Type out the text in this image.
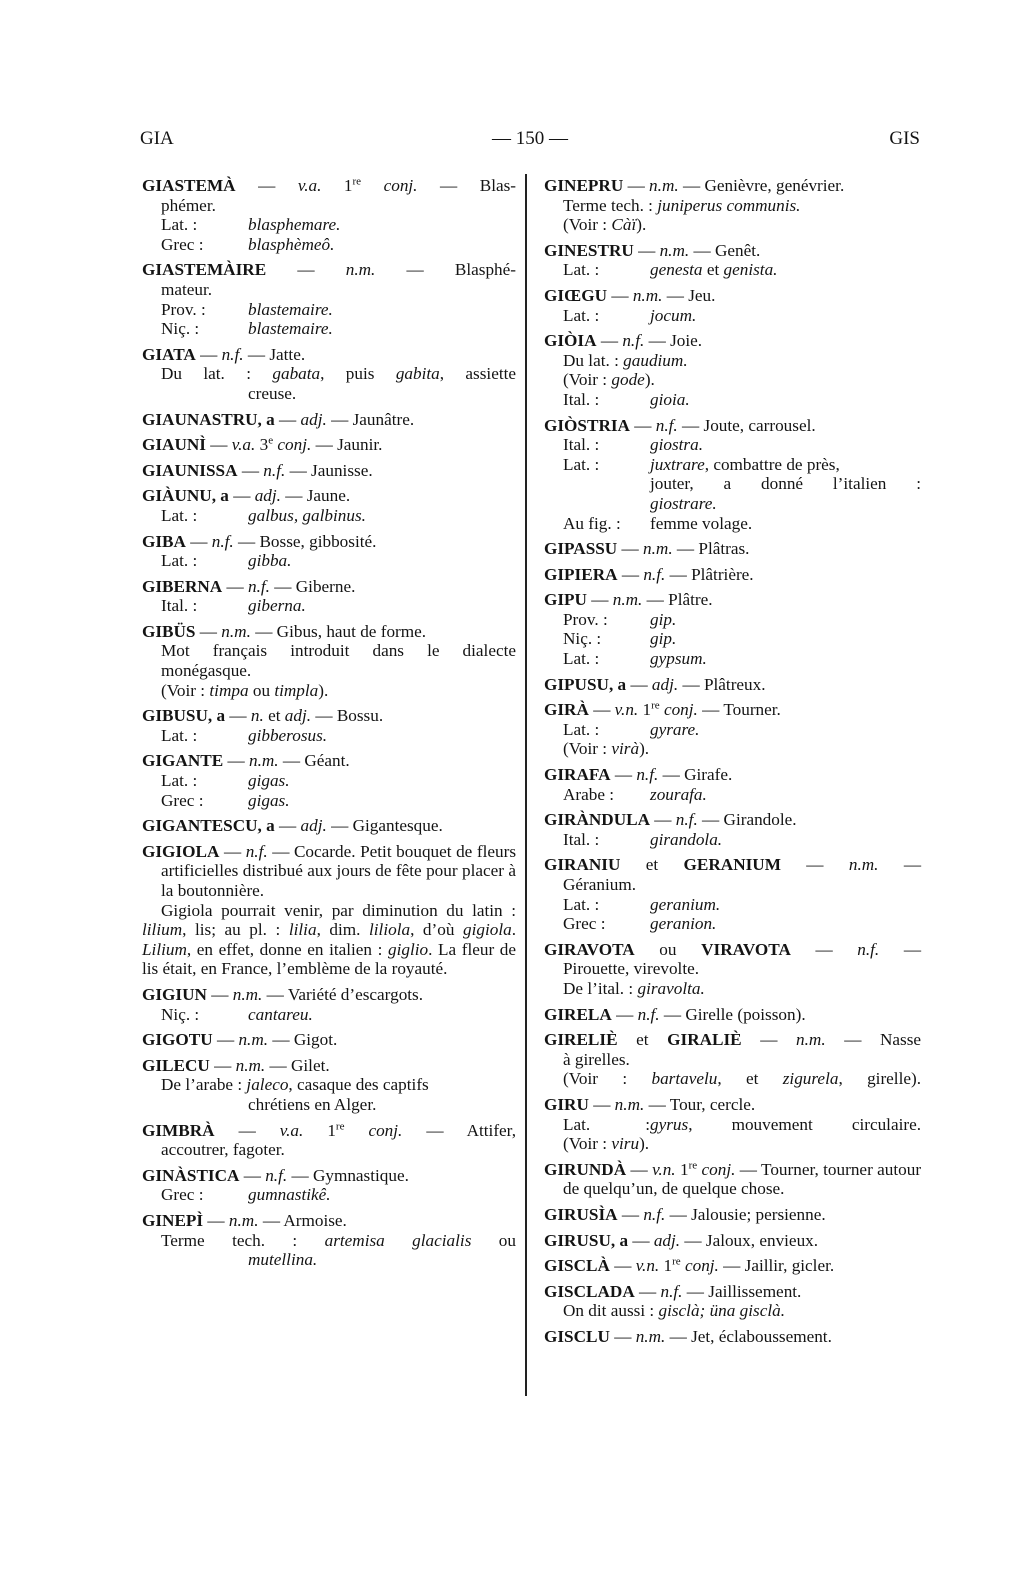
GIA	— 150 —	GIS
GIASTEMÀ — v.a. 1re conj. — Blas-
phémer.
Lat. :	blasphemare.
Grec :	blasphèmeô.
GIASTEMÀIRE — n.m. — Blasphé-
mateur.
Prov. : blastemaire.
Niç. :	blastemaire.
GIATA — n.f. — Jatte.
Du lat. : gabata, puis gabita, assiette
creuse.
GIAUNASTRU, a — adj. — Jaunâtre.
GIAUNÌ — v.a. 3e conj. — Jaunir.
GIAUNISSA — n.f. — Jaunisse.
GIÀUNU, a — adj. — Jaune.
Lat. :	galbus, galbinus.
GIBA — n.f. — Bosse, gibbosité.
Lat. :	gibba.
GIBERNA — n.f. — Giberne.
Ital. :	giberna.
GIBÜS — n.m. — Gibus, haut de forme.
Mot français introduit dans le dialecte monégasque.
(Voir : timpa ou timpla).
GIBUSU, a — n. et adj. — Bossu.
Lat. :	gibberosus.
GIGANTE — n.m. — Géant.
Lat. :	gigas.
Grec :	gigas.
GIGANTESCU, a — adj. — Gigantesque.
GIGIOLA — n.f. — Cocarde. Petit bouquet de fleurs artificielles distribué aux jours de fête pour placer à la boutonnière.
Gigiola pourrait venir, par diminution du latin : lilium, lis; au pl. : lilia, dim. liliola, d’où gigiola. Lilium, en effet, donne en italien : giglio. La fleur de lis était, en France, l’emblème de la royauté.
GIGIUN — n.m. — Variété d’escargots.
Niç. :	cantareu.
GIGOTU — n.m. — Gigot.
GILECU — n.m. — Gilet.
De l’arabe : jaleco, casaque des captifs
chrétiens en Alger.
GIMBRÀ — v.a. 1re conj. — Attifer,
accoutrer, fagoter.
GINÀSTICA — n.f. — Gymnastique.
Grec :	gumnastikê.
GINEPÌ — n.m. — Armoise.
Terme tech. : artemisa glacialis ou
mutellina.
GINEPRU — n.m. — Genièvre, genévrier.
Terme tech. : juniperus communis.
(Voir : Càï).
GINESTRU — n.m. — Genêt.
Lat. :	genesta et genista.
GIŒGU — n.m. — Jeu.
Lat. :	jocum.
GIÒIA — n.f. — Joie.
Du lat. : gaudium.
(Voir : gode).
Ital. :	gioia.
GIÒSTRIA — n.f. — Joute, carrousel.
Ital. :	giostra.
Lat. :	juxtrare, combattre de près,
jouter, a donné l’italien :
giostrare.
Au fig. : femme volage.
GIPASSU — n.m. — Plâtras.
GIPIERA — n.f. — Plâtrière.
GIPU — n.m. — Plâtre.
Prov. : gip.
Niç. :	gip.
Lat. :	gypsum.
GIPUSU, a — adj. — Plâtreux.
GIRÀ — v.n. 1re conj. — Tourner.
Lat. :	gyrare.
(Voir : virà).
GIRAFA — n.f. — Girafe.
Arabe : zourafa.
GIRÀNDULA — n.f. — Girandole.
Ital. :	girandola.
GIRANIU et GERANIUM — n.m. —
Géranium.
Lat. :	geranium.
Grec :	geranion.
GIRAVOTA ou VIRAVOTA — n.f. —
Pirouette, virevolte.
De l’ital. : giravolta.
GIRELA — n.f. — Girelle (poisson).
GIRELIÈ et GIRALIÈ — n.m. — Nasse
à girelles.
(Voir : bartavelu, et zigurela, girelle).
GIRU — n.m. — Tour, cercle.
Lat. :gyrus, mouvement circulaire.
(Voir : viru).
GIRUNDÀ — v.n. 1re conj. — Tourner, tourner autour de quelqu’un, de quelque chose.
GIRUSÌA — n.f. — Jalousie; persienne.
GIRUSU, a — adj. — Jaloux, envieux.
GISCLÀ — v.n. 1re conj. — Jaillir, gicler.
GISCLADA — n.f. — Jaillissement.
On dit aussi : gisclà; üna gisclà.
GISCLU — n.m. — Jet, éclaboussement.
